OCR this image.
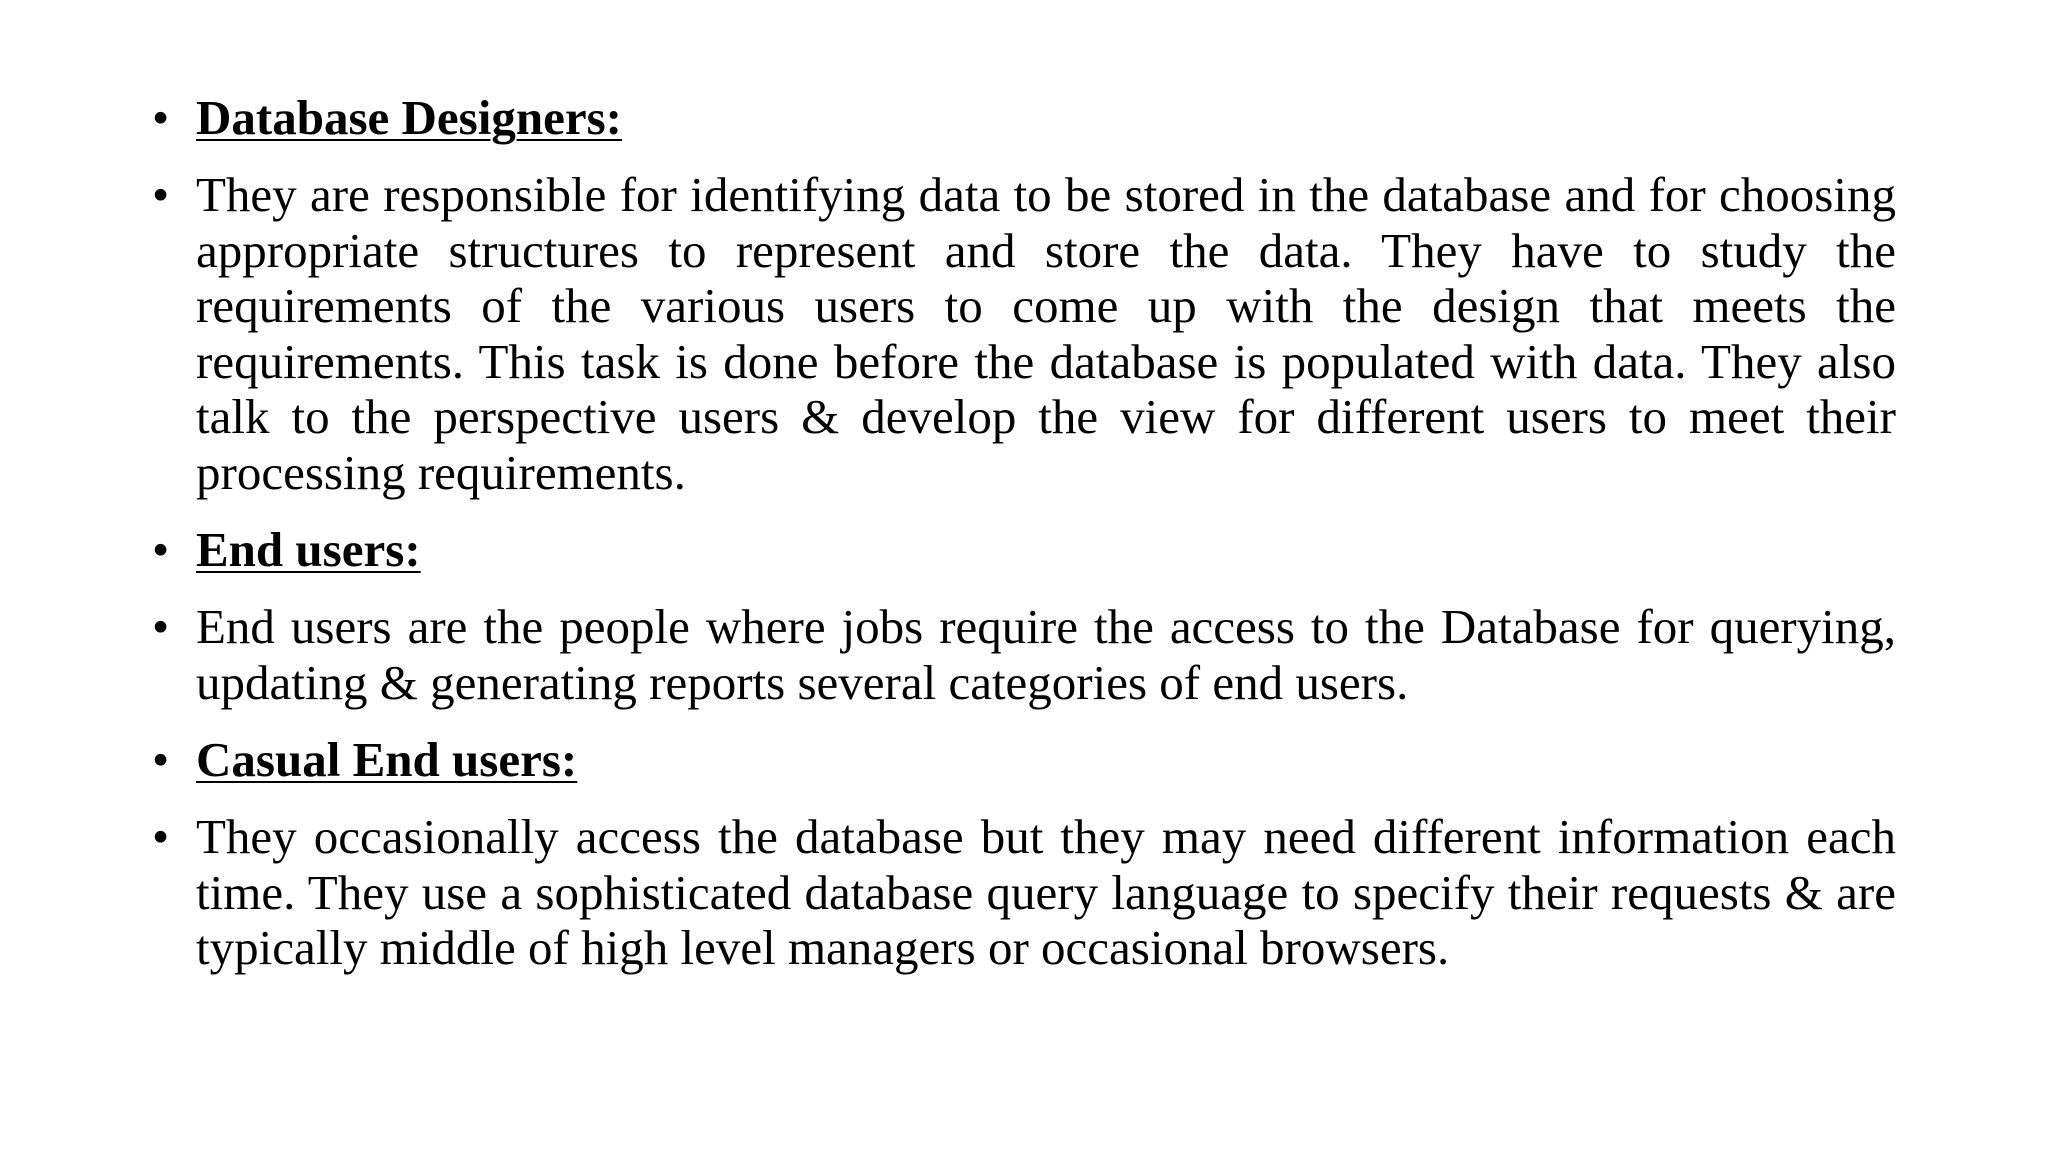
• Database Designers:
• They are responsible for identifying data to be stored in the database and for choosing appropriate structures to represent and store the data. They have to study the requirements of the various users to come up with the design that meets the requirements. This task is done before the database is populated with data. They also talk to the perspective users & develop the view for different users to meet their processing requirements.
• End users:
• End users are the people where jobs require the access to the Database for querying, updating & generating reports several categories of end users.
• Casual End users:
• They occasionally access the database but they may need different information each time. They use a sophisticated database query language to specify their requests & are typically middle of high level managers or occasional browsers.
